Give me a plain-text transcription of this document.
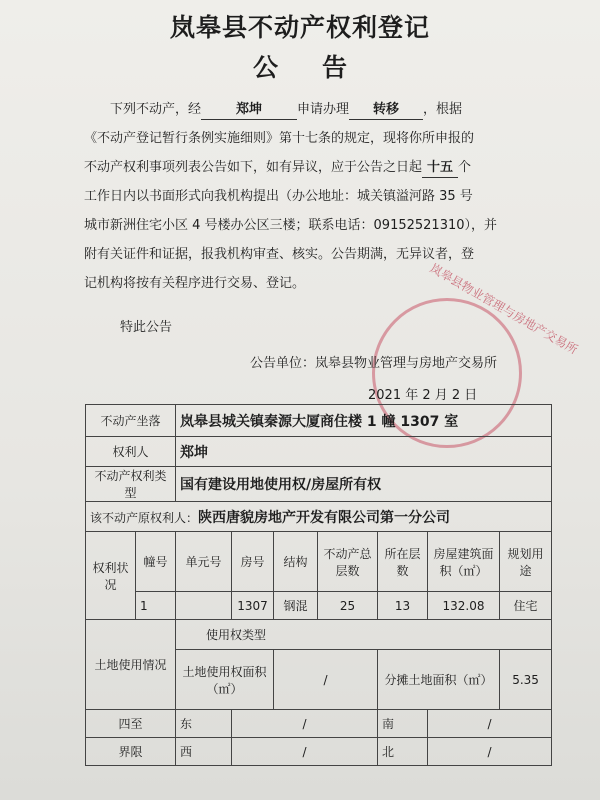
岚皋县不动产权利登记
公告
下列不动产，经	郑坤	申请办理 转移 ，根据
《不动产登记暂行条例实施细则》第十七条的规定，现将你所申报的
不动产权利事项列表公告如下，如有异议，应于公告之日起 十五 个
工作日内以书面形式向我机构提出（办公地址：城关镇溢河路 35 号
城市新洲住宅小区 4 号楼办公区三楼；联系电话：09152521310），并
附有关证件和证据，报我机构审查、核实。公告期满，无异议者，登
记机构将按有关程序进行交易、登记。
特此公告	岚皋县物业管理与房地产交易所
公告单位：岚皋县物业管理与房地产交易所
2021 年 2 月 2 日
不动产坐落		岚皋县城关镇秦源大厦商住楼 1 幢 1307 室						
权利人		郑坤						
不动产权利类型		国有建设用地使用权/房屋所有权						
该不动产原权利人：陕西唐貌房地产开发有限公司第一分公司								
权利状况	幢号	单元号	房号	结构	不动产总层数	所在层数	房屋建筑面积（㎡）	规划用途
	1		1307	钢混	25	13	132.08	住宅
土地使用情况		使用权类型						
		土地使用权面积（㎡）		/		分摊土地面积（㎡）		5.35
四至		东	/			南	/	
界限		西	/			北	/	
